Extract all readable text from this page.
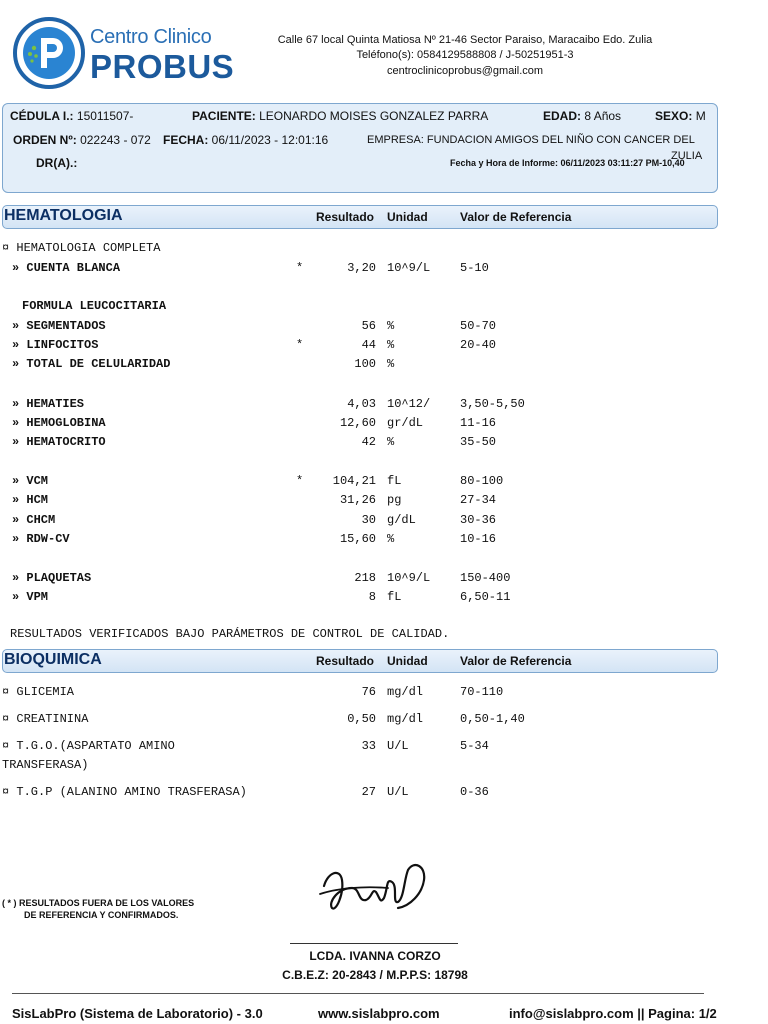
Centro Clinico
PROBUS
Calle 67 local Quinta Matiosa Nº 21-46 Sector Paraiso, Maracaibo Edo. Zulia
Teléfono(s): 0584129588808 / J-50251951-3
centroclinicoprobus@gmail.com
CÉDULA I.: 15011507-	PACIENTE: LEONARDO MOISES GONZALEZ PARRA	EDAD: 8 Años	SEXO: M
ORDEN Nº: 022243 - 072 FECHA: 06/11/2023 - 12:01:16	EMPRESA: FUNDACION AMIGOS DEL NIÑO CON CANCER DEL
ZULIA
DR(A).:	Fecha y Hora de Informe: 06/11/2023 03:11:27 PM-10,40
HEMATOLOGIA	Resultado Unidad	Valor de Referencia
¤ HEMATOLOGIA COMPLETA
FORMULA LEUCOCITARIA
» CUENTA BLANCA	*	3,20 10^9/L 5-10
» SEGMENTADOS	56 %	50-70
» LINFOCITOS	*	44 %	20-40
» TOTAL DE CELULARIDAD	100 %
» HEMATIES	4,03 10^12/ 3,50-5,50
» HEMOGLOBINA	12,60 gr/dL	11-16
» HEMATOCRITO	42 %	35-50
» VCM	*	104,21 fL	80-100
» HCM	31,26 pg	27-34
» CHCM	30 g/dL	30-36
» RDW-CV	15,60 %	10-16
» PLAQUETAS	218 10^9/L 150-400
» VPM	8 fL	6,50-11
RESULTADOS VERIFICADOS BAJO PARÁMETROS DE CONTROL DE CALIDAD.
BIOQUIMICA	Resultado Unidad	Valor de Referencia
¤ GLICEMIA	76 mg/dl	70-110
¤ CREATININA	0,50 mg/dl	0,50-1,40
¤ T.G.O.(ASPARTATO AMINO
TRANSFERASA)
33 U/L	5-34
¤ T.G.P (ALANINO AMINO TRASFERASA)	27 U/L	0-36
( * ) RESULTADOS FUERA DE LOS VALORES
DE REFERENCIA Y CONFIRMADOS.
LCDA. IVANNA CORZO
C.B.E.Z: 20-2843 / M.P.P.S: 18798
SisLabPro (Sistema de Laboratorio) - 3.0	www.sislabpro.com	info@sislabpro.com || Pagina: 1/2
